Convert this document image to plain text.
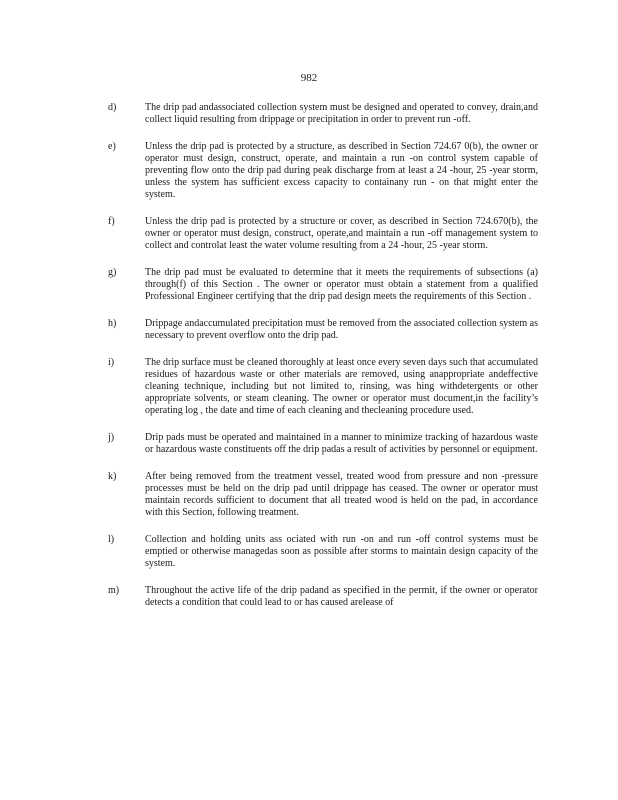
982
d)	The drip pad andassociated collection system must be designed and operated to convey, drain,and collect liquid resulting from drippage or precipitation in order to prevent run -off.
e)	Unless the drip pad is protected by a structure, as described in Section 724.67 0(b), the owner or operator must design, construct, operate, and maintain a run -on control system capable of preventing flow onto the drip pad during peak discharge from at least a 24 -hour, 25 -year storm, unless the system has sufficient excess capacity to containany run - on that might enter the system.
f)	Unless the drip pad is protected by a structure or cover, as described in Section 724.670(b), the owner or operator must design, construct, operate,and maintain a run -off management system to collect and controlat least the water volume resulting from a 24 -hour, 25 -year storm.
g)	The drip pad must be evaluated to determine that it meets the requirements of subsections (a) through(f) of this Section . The owner or operator must obtain a statement from a qualified Professional Engineer certifying that the drip pad design meets the requirements of this Section .
h)	Drippage andaccumulated precipitation must be removed from the associated collection system as necessary to prevent overflow onto the drip pad.
i)	The drip surface must be cleaned thoroughly at least once every seven days such that accumulated residues of hazardous waste or other materials are removed, using anappropriate andeffective cleaning technique, including but not limited to, rinsing, was hing withdetergents or other appropriate solvents, or steam cleaning. The owner or operator must document,in the facility’s operating log , the date and time of each cleaning and thecleaning procedure used.
j)	Drip pads must be operated and maintained in a manner to minimize tracking of hazardous waste or hazardous waste constituents off the drip padas a result of activities by personnel or equipment.
k)	After being removed from the treatment vessel, treated wood from pressure and non -pressure processes must be held on the drip pad until drippage has ceased. The owner or operator must maintain records sufficient to document that all treated wood is held on the pad, in accordance with this Section, following treatment.
l)	Collection and holding units ass ociated with run -on and run -off control systems must be emptied or otherwise managedas soon as possible after storms to maintain design capacity of the system.
m)	Throughout the active life of the drip padand as specified in the permit, if the owner or operator detects a condition that could lead to or has caused arelease of
